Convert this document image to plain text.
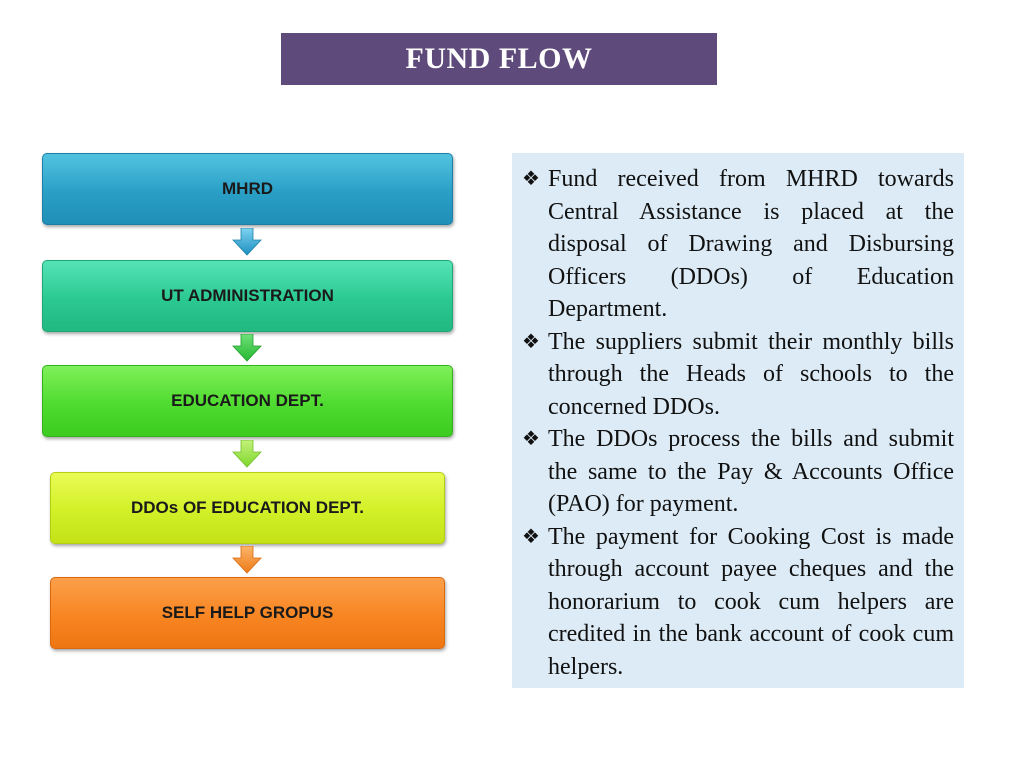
FUND FLOW
MHRD
UT ADMINISTRATION
EDUCATION DEPT.
DDOs OF EDUCATION DEPT.
SELF HELP GROPUS
❖ Fund received from MHRD towards Central Assistance is placed at the disposal of Drawing and Disbursing Officers (DDOs) of Education Department.
❖ The suppliers submit their monthly bills through the Heads of schools to the concerned DDOs.
❖ The DDOs process the bills and submit the same to the Pay & Accounts Office (PAO) for payment.
❖ The payment for Cooking Cost is made through account payee cheques and the honorarium to cook cum helpers are credited in the bank account of cook cum helpers.
